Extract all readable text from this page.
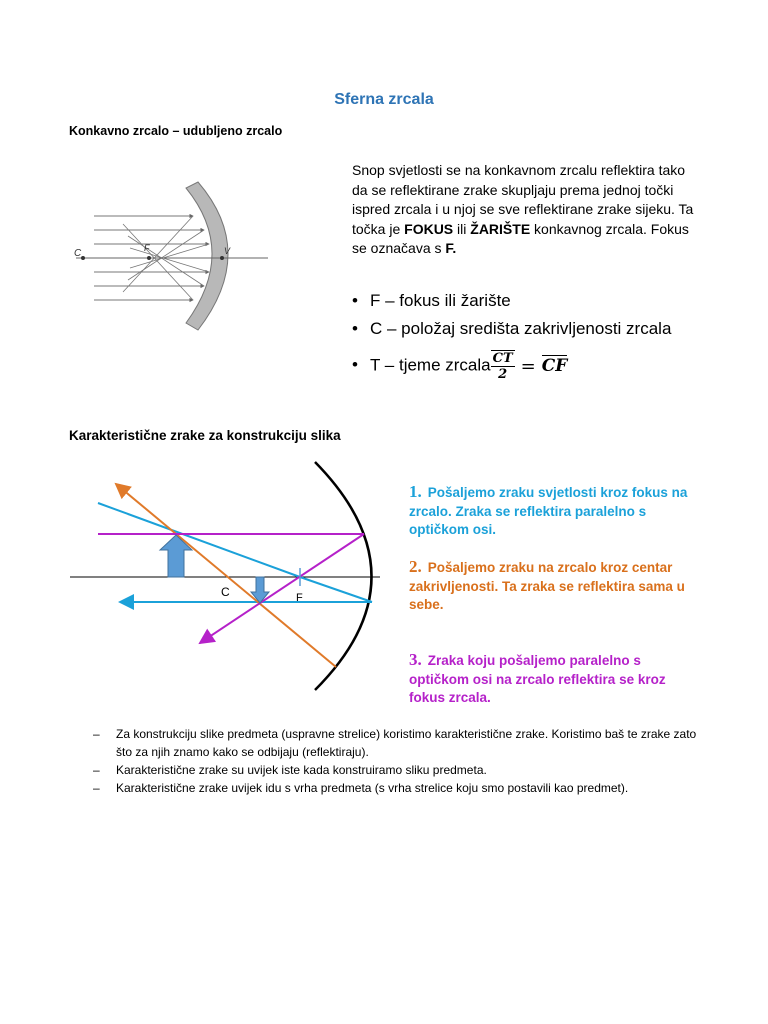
Sferna zrcala
Konkavno zrcalo – udubljeno zrcalo
C	F	V
Snop svjetlosti se na konkavnom zrcalu reflektira tako da se reflektirane zrake skupljaju prema jednoj točki ispred zrcala i u njoj se sve reflektirane zrake sijeku. Ta točka je FOKUS ili ŽARIŠTE konkavnog zrcala. Fokus se označava s F.
• F – fokus ili žarište
• C – položaj središta zakrivljenosti zrcala
• T – tjeme zrcala $\frac{CT}{2}$ = CF
Karakteristične zrake za konstrukciju slika
C	F
1. Pošaljemo zraku svjetlosti kroz fokus na zrcalo. Zraka se reflektira paralelno s optičkom osi.
2. Pošaljemo zraku na zrcalo kroz centar zakrivljenosti. Ta zraka se reflektira sama u sebe.
3. Zraka koju pošaljemo paralelno s optičkom osi na zrcalo reflektira se kroz fokus zrcala.
– Za konstrukciju slike predmeta (uspravne strelice) koristimo karakteristične zrake. Koristimo baš te zrake zato što za njih znamo kako se odbijaju (reflektiraju).
– Karakteristične zrake su uvijek iste kada konstruiramo sliku predmeta.
– Karakteristične zrake uvijek idu s vrha predmeta (s vrha strelice koju smo postavili kao predmet).
